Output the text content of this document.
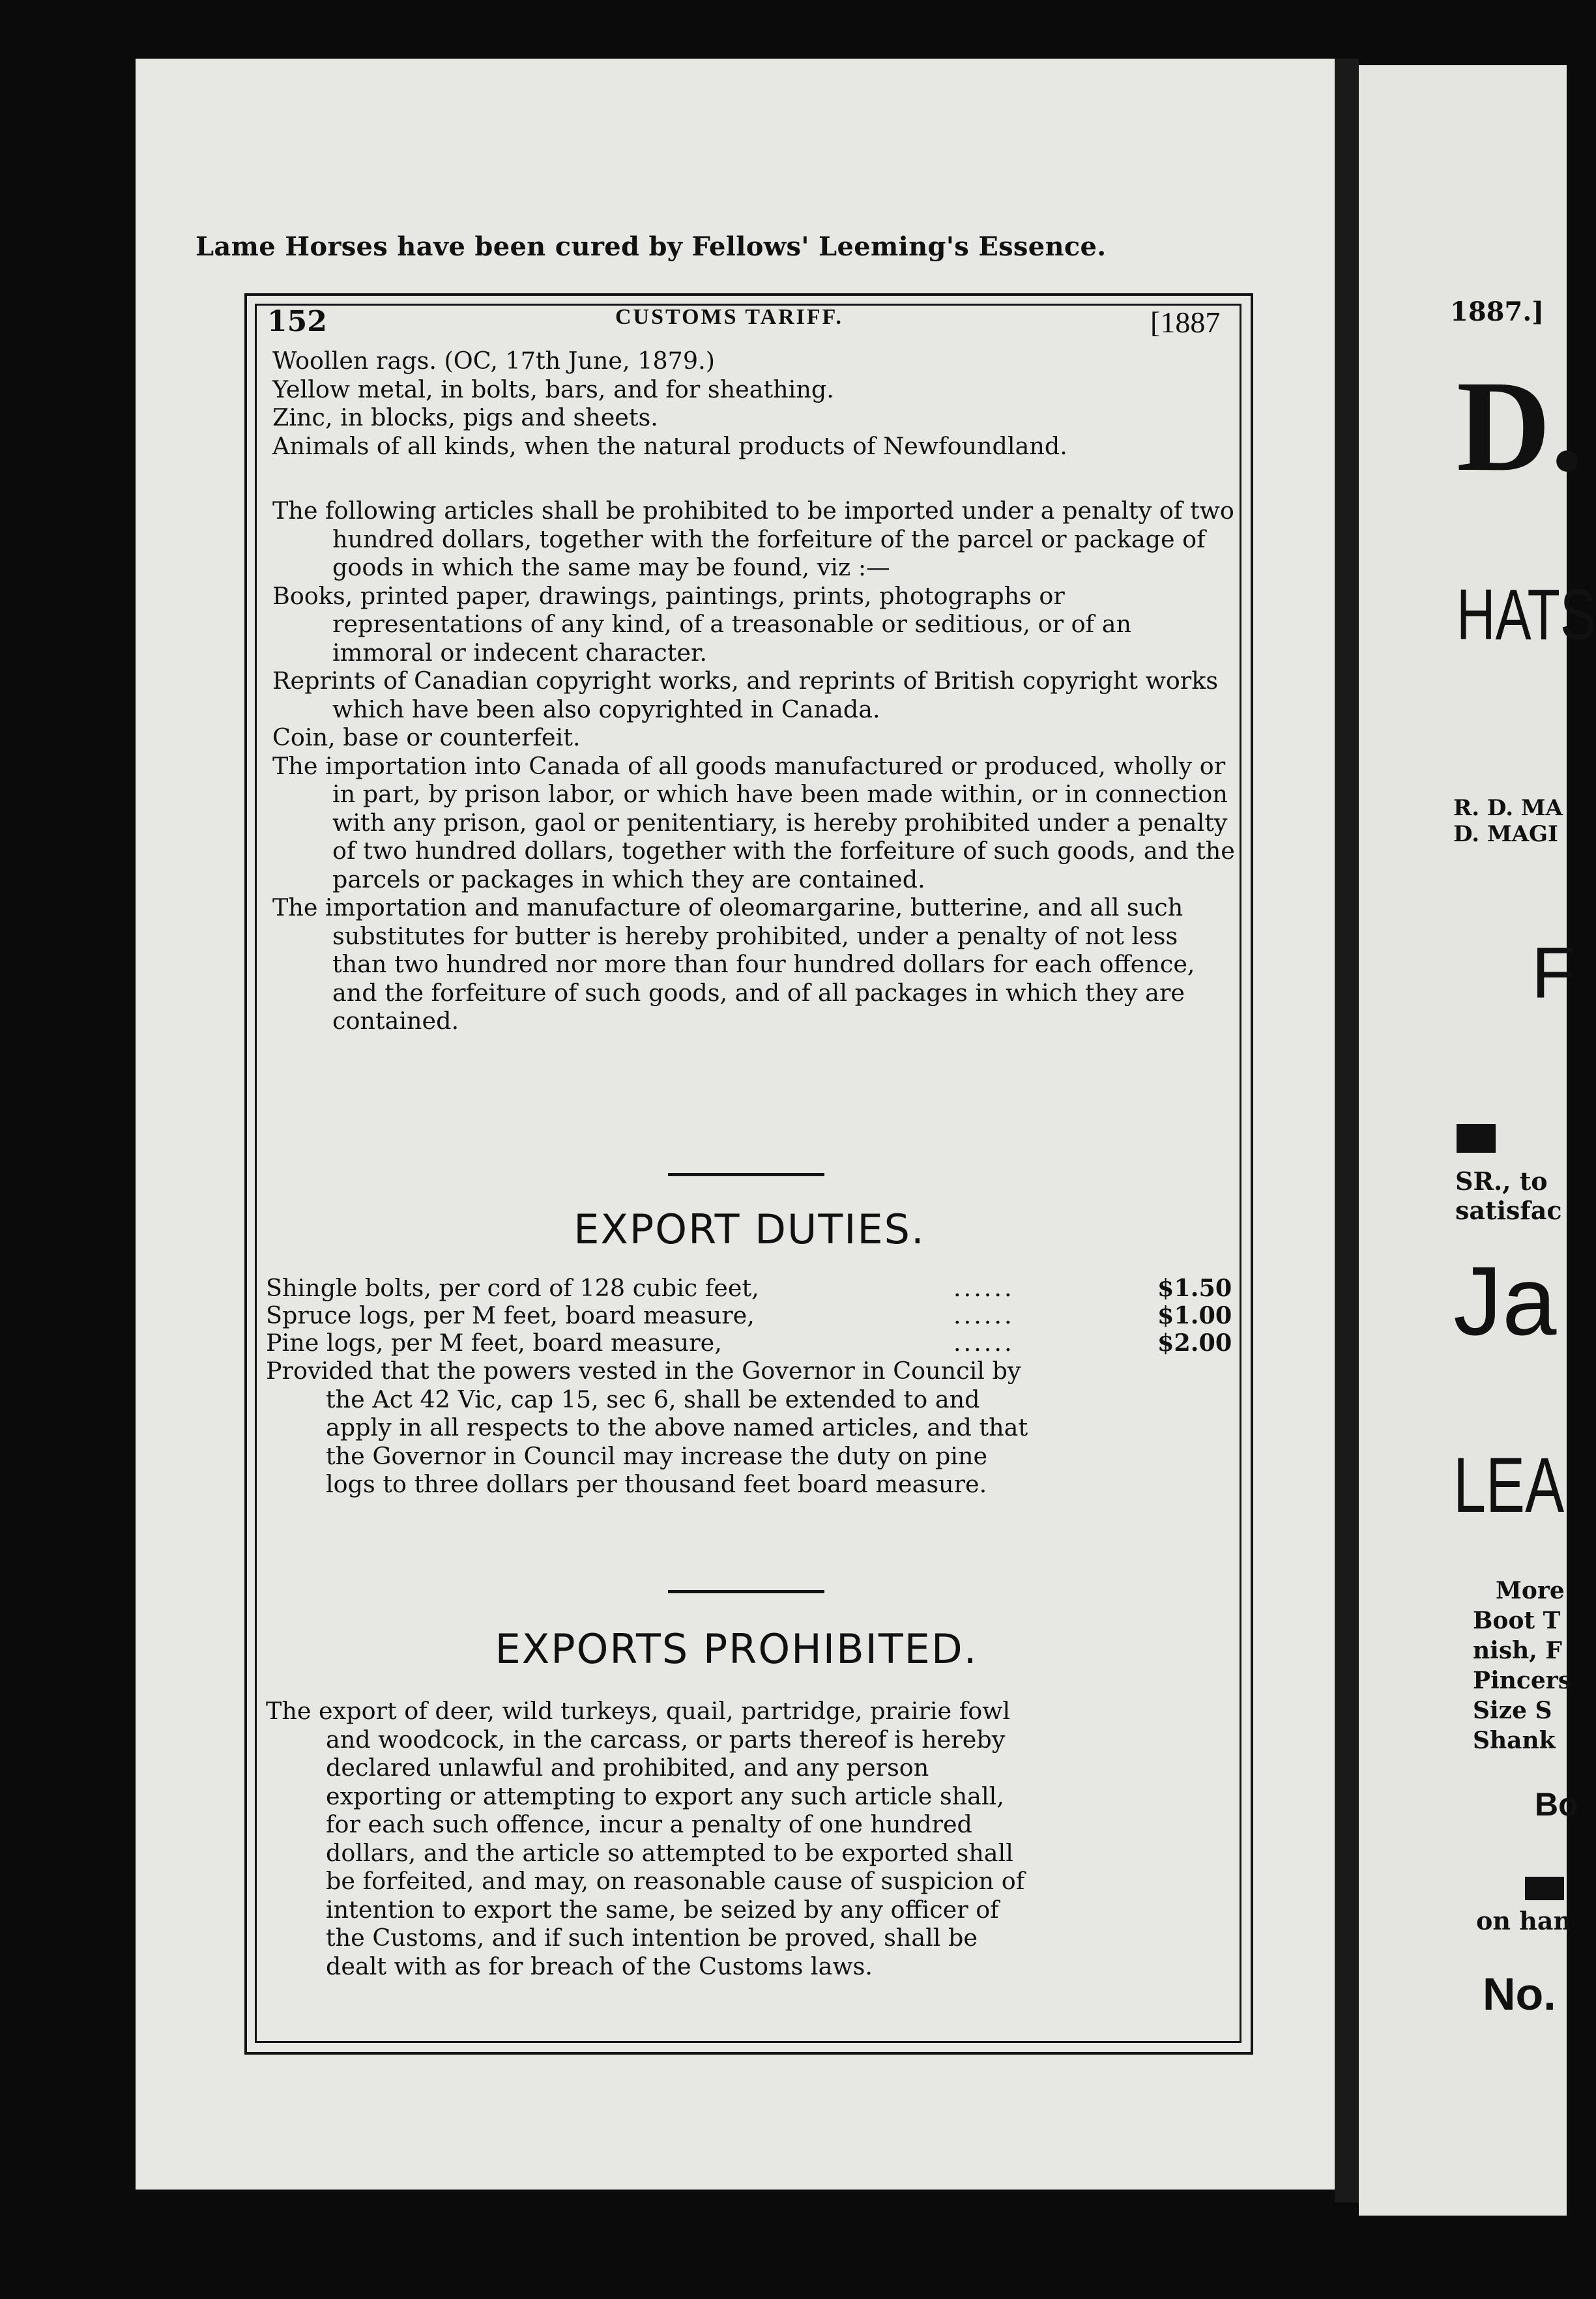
Lame Horses have been cured by Fellows' Leeming's Essence.
152	CUSTOMS TARIFF.	[1887

Woollen rags. (OC, 17th June, 1879.)

Yellow metal, in bolts, bars, and for sheathing.

Zinc, in blocks, pigs and sheets.

Animals of all kinds, when the natural products of Newfoundland.

The following articles shall be prohibited to be imported under a penalty of two hundred dollars, together with the forfeiture of the parcel or package of goods in which the same may be found, viz :—

Books, printed paper, drawings, paintings, prints, photographs or representations of any kind, of a treasonable or seditious, or of an immoral or indecent character.

Reprints of Canadian copyright works, and reprints of British copyright works which have been also copyrighted in Canada.

Coin, base or counterfeit.

The importation into Canada of all goods manufactured or produced, wholly or in part, by prison labor, or which have been made within, or in connection with any prison, gaol or penitentiary, is hereby prohibited under a penalty of two hundred dollars, together with the forfeiture of such goods, and the parcels or packages in which they are contained.

The importation and manufacture of oleomargarine, butterine, and all such substitutes for butter is hereby prohibited, under a penalty of not less than two hundred nor more than four hundred dollars for each offence, and the forfeiture of such goods, and of all packages in which they are contained.

EXPORT DUTIES.
Shingle bolts, per cord of 128 cubic feet,	......	$1.50
Spruce logs, per M feet, board measure,	......	$1.00
Pine logs, per M feet, board measure,	......	$2.00

Provided that the powers vested in the Governor in Council by the Act 42 Vic, cap 15, sec 6, shall be extended to and apply in all respects to the above named articles, and that the Governor in Council may increase the duty on pine logs to three dollars per thousand feet board measure.

EXPORTS PROHIBITED.

The export of deer, wild turkeys, quail, partridge, prairie fowl and woodcock, in the carcass, or parts thereof is hereby declared unlawful and prohibited, and any person exporting or attempting to export any such article shall, for each such offence, incur a penalty of one hundred dollars, and the article so attempted to be exported shall be forfeited, and may, on reasonable cause of suspicion of intention to export the same, be seized by any officer of the Customs, and if such intention be proved, shall be dealt with as for breach of the Customs laws.

1887.]
D.
HATS
R. D. MA
D. MAGI
F
SR., to
satisfac
Ja
LEA
More
Boot T
nish, F
Pincers
Size S
Shank
Bo
on han
No.
